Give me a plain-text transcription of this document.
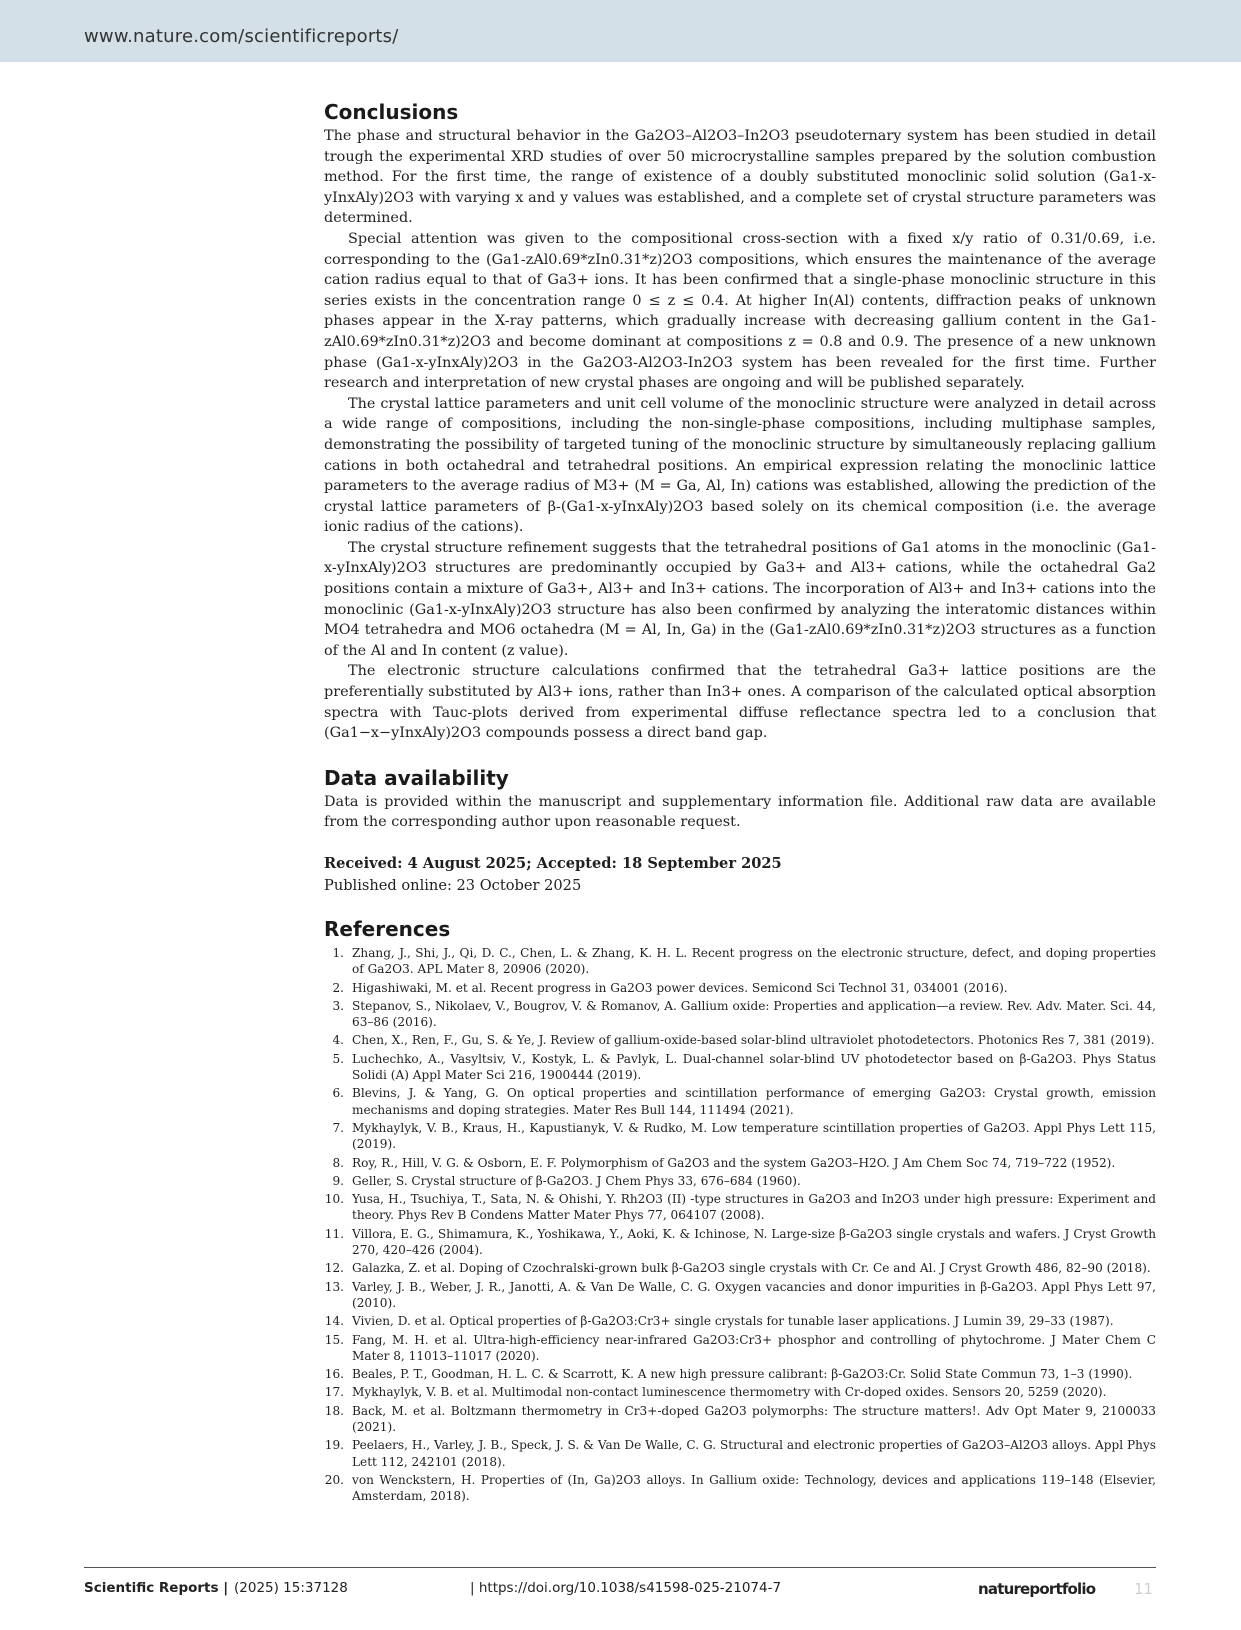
www.nature.com/scientificreports/
Conclusions

The phase and structural behavior in the Ga2O3–Al2O3–In2O3 pseudoternary system has been studied in detail trough the experimental XRD studies of over 50 microcrystalline samples prepared by the solution combustion method. For the first time, the range of existence of a doubly substituted monoclinic solid solution (Ga1-x-yInxAly)2O3 with varying x and y values was established, and a complete set of crystal structure parameters was determined.

Special attention was given to the compositional cross-section with a fixed x/y ratio of 0.31/0.69, i.e. corresponding to the (Ga1-zAl0.69*zIn0.31*z)2O3 compositions, which ensures the maintenance of the average cation radius equal to that of Ga3+ ions. It has been confirmed that a single-phase monoclinic structure in this series exists in the concentration range 0 ≤ z ≤ 0.4. At higher In(Al) contents, diffraction peaks of unknown phases appear in the X-ray patterns, which gradually increase with decreasing gallium content in the Ga1-zAl0.69*zIn0.31*z)2O3 and become dominant at compositions z = 0.8 and 0.9. The presence of a new unknown phase (Ga1-x-yInxAly)2O3 in the Ga2O3-Al2O3-In2O3 system has been revealed for the first time. Further research and interpretation of new crystal phases are ongoing and will be published separately.

The crystal lattice parameters and unit cell volume of the monoclinic structure were analyzed in detail across a wide range of compositions, including the non-single-phase compositions, including multiphase samples, demonstrating the possibility of targeted tuning of the monoclinic structure by simultaneously replacing gallium cations in both octahedral and tetrahedral positions. An empirical expression relating the monoclinic lattice parameters to the average radius of M3+ (M = Ga, Al, In) cations was established, allowing the prediction of the crystal lattice parameters of β-(Ga1-x-yInxAly)2O3 based solely on its chemical composition (i.e. the average ionic radius of the cations).

The crystal structure refinement suggests that the tetrahedral positions of Ga1 atoms in the monoclinic (Ga1-x-yInxAly)2O3 structures are predominantly occupied by Ga3+ and Al3+ cations, while the octahedral Ga2 positions contain a mixture of Ga3+, Al3+ and In3+ cations. The incorporation of Al3+ and In3+ cations into the monoclinic (Ga1-x-yInxAly)2O3 structure has also been confirmed by analyzing the interatomic distances within MO4 tetrahedra and MO6 octahedra (M = Al, In, Ga) in the (Ga1-zAl0.69*zIn0.31*z)2O3 structures as a function of the Al and In content (z value).

The electronic structure calculations confirmed that the tetrahedral Ga3+ lattice positions are the preferentially substituted by Al3+ ions, rather than In3+ ones. A comparison of the calculated optical absorption spectra with Tauc-plots derived from experimental diffuse reflectance spectra led to a conclusion that (Ga1−x−yInxAly)2O3 compounds possess a direct band gap.

Data availability

Data is provided within the manuscript and supplementary information file. Additional raw data are available from the corresponding author upon reasonable request.

Received: 4 August 2025; Accepted: 18 September 2025
Published online: 23 October 2025
References
1. Zhang, J., Shi, J., Qi, D. C., Chen, L. & Zhang, K. H. L. Recent progress on the electronic structure, defect, and doping properties of Ga2O3. APL Mater 8, 20906 (2020).
2. Higashiwaki, M. et al. Recent progress in Ga2O3 power devices. Semicond Sci Technol 31, 034001 (2016).
3. Stepanov, S., Nikolaev, V., Bougrov, V. & Romanov, A. Gallium oxide: Properties and application—a review. Rev. Adv. Mater. Sci. 44, 63–86 (2016).
4. Chen, X., Ren, F., Gu, S. & Ye, J. Review of gallium-oxide-based solar-blind ultraviolet photodetectors. Photonics Res 7, 381 (2019).
5. Luchechko, A., Vasyltsiv, V., Kostyk, L. & Pavlyk, L. Dual-channel solar-blind UV photodetector based on β-Ga2O3. Phys Status Solidi (A) Appl Mater Sci 216, 1900444 (2019).
6. Blevins, J. & Yang, G. On optical properties and scintillation performance of emerging Ga2O3: Crystal growth, emission mechanisms and doping strategies. Mater Res Bull 144, 111494 (2021).
7. Mykhaylyk, V. B., Kraus, H., Kapustianyk, V. & Rudko, M. Low temperature scintillation properties of Ga2O3. Appl Phys Lett 115, (2019).
8. Roy, R., Hill, V. G. & Osborn, E. F. Polymorphism of Ga2O3 and the system Ga2O3–H2O. J Am Chem Soc 74, 719–722 (1952).
9. Geller, S. Crystal structure of β-Ga2O3. J Chem Phys 33, 676–684 (1960).
10. Yusa, H., Tsuchiya, T., Sata, N. & Ohishi, Y. Rh2O3 (II) -type structures in Ga2O3 and In2O3 under high pressure: Experiment and theory. Phys Rev B Condens Matter Mater Phys 77, 064107 (2008).
11. Villora, E. G., Shimamura, K., Yoshikawa, Y., Aoki, K. & Ichinose, N. Large-size β-Ga2O3 single crystals and wafers. J Cryst Growth 270, 420–426 (2004).
12. Galazka, Z. et al. Doping of Czochralski-grown bulk β-Ga2O3 single crystals with Cr. Ce and Al. J Cryst Growth 486, 82–90 (2018).
13. Varley, J. B., Weber, J. R., Janotti, A. & Van De Walle, C. G. Oxygen vacancies and donor impurities in β-Ga2O3. Appl Phys Lett 97, (2010).
14. Vivien, D. et al. Optical properties of β-Ga2O3:Cr3+ single crystals for tunable laser applications. J Lumin 39, 29–33 (1987).
15. Fang, M. H. et al. Ultra-high-efficiency near-infrared Ga2O3:Cr3+ phosphor and controlling of phytochrome. J Mater Chem C Mater 8, 11013–11017 (2020).
16. Beales, P. T., Goodman, H. L. C. & Scarrott, K. A new high pressure calibrant: β-Ga2O3:Cr. Solid State Commun 73, 1–3 (1990).
17. Mykhaylyk, V. B. et al. Multimodal non-contact luminescence thermometry with Cr-doped oxides. Sensors 20, 5259 (2020).
18. Back, M. et al. Boltzmann thermometry in Cr3+-doped Ga2O3 polymorphs: The structure matters!. Adv Opt Mater 9, 2100033 (2021).
19. Peelaers, H., Varley, J. B., Speck, J. S. & Van De Walle, C. G. Structural and electronic properties of Ga2O3–Al2O3 alloys. Appl Phys Lett 112, 242101 (2018).
20. von Wenckstern, H. Properties of (In, Ga)2O3 alloys. In Gallium oxide: Technology, devices and applications 119–148 (Elsevier, Amsterdam, 2018).
Scientific Reports | (2025) 15:37128	| https://doi.org/10.1038/s41598-025-21074-7	natureportfolio	11
